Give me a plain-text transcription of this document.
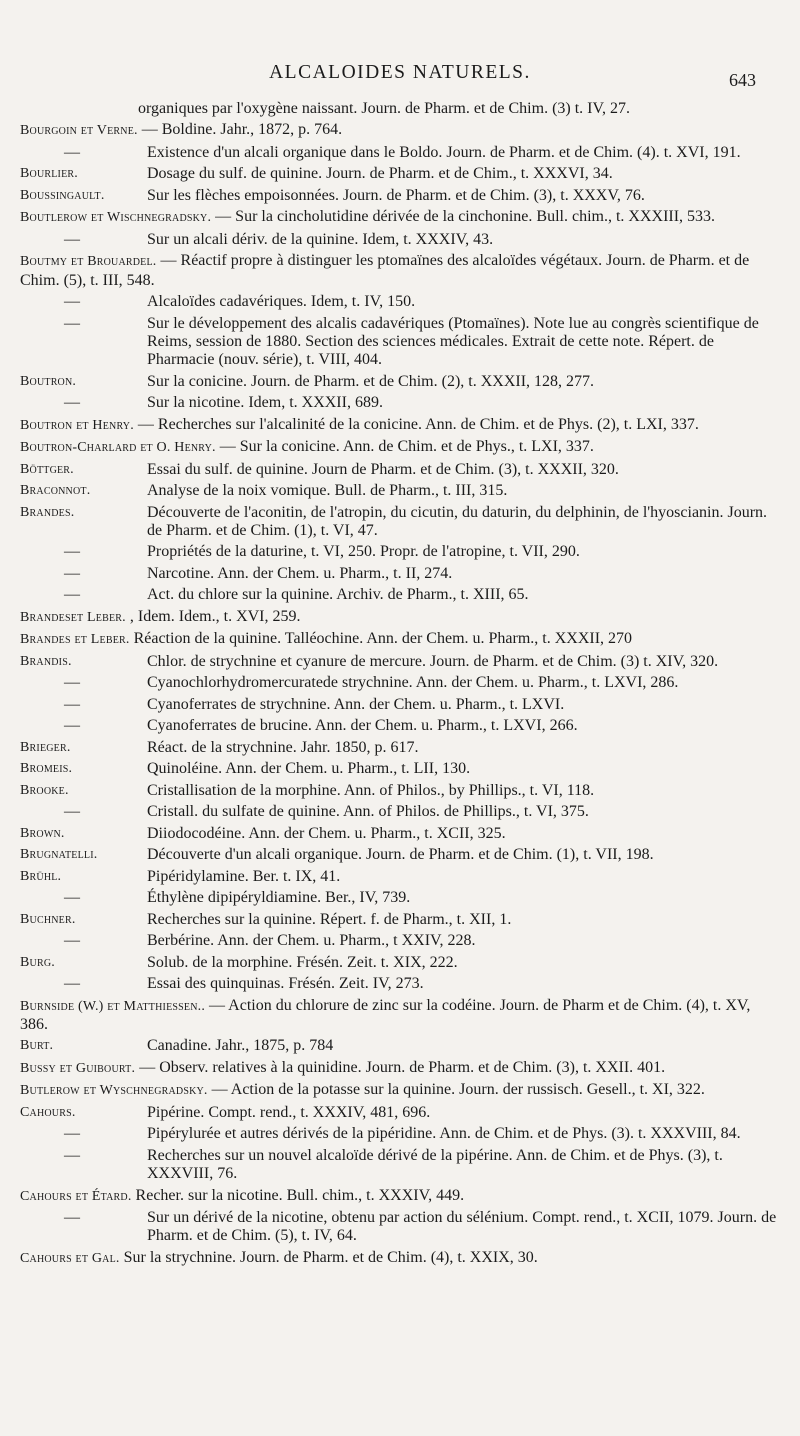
ALCALOIDES NATURELS.	643
organiques par l'oxygène naissant. Journ. de Pharm. et de Chim. (3) t. IV, 27.
Bourgoin et Verne. — Boldine. Jahr., 1872, p. 764.
—	Existence d'un alcali organique dans le Boldo. Journ. de Pharm. et de Chim. (4). t. XVI, 191.
Bourlier.	Dosage du sulf. de quinine. Journ. de Pharm. et de Chim., t. XXXVI, 34.
Boussingault.	Sur les flèches empoisonnées. Journ. de Pharm. et de Chim. (3), t. XXXV, 76.
Boutlerow et Wischnegradsky. — Sur la cincholutidine dérivée de la cinchonine. Bull. chim., t. XXXIII, 533.
—	Sur un alcali dériv. de la quinine. Idem, t. XXXIV, 43.
Boutmy et Brouardel. — Réactif propre à distinguer les ptomaïnes des alcaloïdes végétaux. Journ. de Pharm. et de Chim. (5), t. III, 548.
—	Alcaloïdes cadavériques. Idem, t. IV, 150.
—	Sur le développement des alcalis cadavériques (Ptomaïnes). Note lue au congrès scientifique de Reims, session de 1880. Section des sciences médicales. Extrait de cette note. Répert. de Pharmacie (nouv. série), t. VIII, 404.
Boutron.	Sur la conicine. Journ. de Pharm. et de Chim. (2), t. XXXII, 128, 277.
—	Sur la nicotine. Idem, t. XXXII, 689.
Boutron et Henry. — Recherches sur l'alcalinité de la conicine. Ann. de Chim. et de Phys. (2), t. LXI, 337.
Boutron-Charlard et O. Henry. — Sur la conicine. Ann. de Chim. et de Phys., t. LXI, 337.
Böttger.	Essai du sulf. de quinine. Journ de Pharm. et de Chim. (3), t. XXXII, 320.
Braconnot.	Analyse de la noix vomique. Bull. de Pharm., t. III, 315.
Brandes.	Découverte de l'aconitin, de l'atropin, du cicutin, du daturin, du delphinin, de l'hyoscianin. Journ. de Pharm. et de Chim. (1), t. VI, 47.
—	Propriétés de la daturine, t. VI, 250. Propr. de l'atropine, t. VII, 290.
—	Narcotine. Ann. der Chem. u. Pharm., t. II, 274.
—	Act. du chlore sur la quinine. Archiv. de Pharm., t. XIII, 65.
Brandeset Leber. , Idem. Idem., t. XVI, 259.
Brandes et Leber. Réaction de la quinine. Talléochine. Ann. der Chem. u. Pharm., t. XXXII, 270
Brandis.	Chlor. de strychnine et cyanure de mercure. Journ. de Pharm. et de Chim. (3) t. XIV, 320.
—	Cyanochlorhydromercuratede strychnine. Ann. der Chem. u. Pharm., t. LXVI, 286.
—	Cyanoferrates de strychnine. Ann. der Chem. u. Pharm., t. LXVI.
—	Cyanoferrates de brucine. Ann. der Chem. u. Pharm., t. LXVI, 266.
Brieger.	Réact. de la strychnine. Jahr. 1850, p. 617.
Bromeis.	Quinoléine. Ann. der Chem. u. Pharm., t. LII, 130.
Brooke.	Cristallisation de la morphine. Ann. of Philos., by Phillips., t. VI, 118.
—	Cristall. du sulfate de quinine. Ann. of Philos. de Phillips., t. VI, 375.
Brown.	Diiodocodéine. Ann. der Chem. u. Pharm., t. XCII, 325.
Brugnatelli.	Découverte d'un alcali organique. Journ. de Pharm. et de Chim. (1), t. VII, 198.
Brühl.	Pipéridylamine. Ber. t. IX, 41.
—	Éthylène dipipéryldiamine. Ber., IV, 739.
Buchner.	Recherches sur la quinine. Répert. f. de Pharm., t. XII, 1.
—	Berbérine. Ann. der Chem. u. Pharm., t XXIV, 228.
Burg.	Solub. de la morphine. Frésén. Zeit. t. XIX, 222.
—	Essai des quinquinas. Frésén. Zeit. IV, 273.
Burnside (W.) et Matthiessen.. — Action du chlorure de zinc sur la codéine. Journ. de Pharm et de Chim. (4), t. XV, 386.
Burt.	Canadine. Jahr., 1875, p. 784
Bussy et Guibourt. — Observ. relatives à la quinidine. Journ. de Pharm. et de Chim. (3), t. XXII. 401.
Butlerow et Wyschnegradsky. — Action de la potasse sur la quinine. Journ. der russisch. Gesell., t. XI, 322.
Cahours.	Pipérine. Compt. rend., t. XXXIV, 481, 696.
—	Pipérylurée et autres dérivés de la pipéridine. Ann. de Chim. et de Phys. (3). t. XXXVIII, 84.
—	Recherches sur un nouvel alcaloïde dérivé de la pipérine. Ann. de Chim. et de Phys. (3), t. XXXVIII, 76.
Cahours et Étard. Recher. sur la nicotine. Bull. chim., t. XXXIV, 449.
—	Sur un dérivé de la nicotine, obtenu par action du sélénium. Compt. rend., t. XCII, 1079. Journ. de Pharm. et de Chim. (5), t. IV, 64.
Cahours et Gal. Sur la strychnine. Journ. de Pharm. et de Chim. (4), t. XXIX, 30.
